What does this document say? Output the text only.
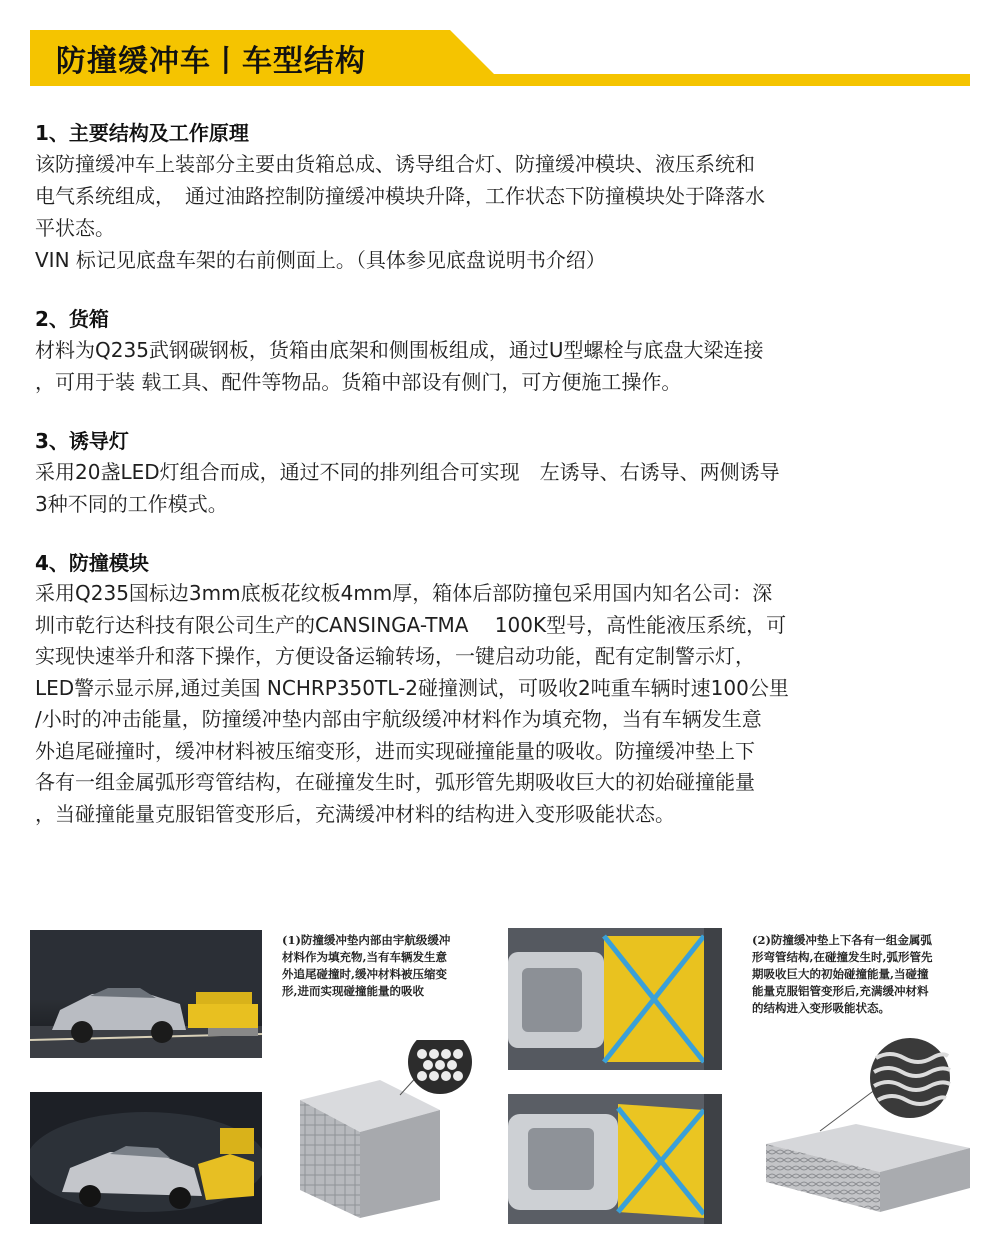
防撞缓冲车丨车型结构
1、主要结构及工作原理

该防撞缓冲车上装部分主要由货箱总成、诱导组合灯、防撞缓冲模块、液压系统和

电气系统组成，　通过油路控制防撞缓冲模块升降，工作状态下防撞模块处于降落水

平状态。

VIN 标记见底盘车架的右前侧面上。（具体参见底盘说明书介绍）

2、货箱

材料为Q235武钢碳钢板，货箱由底架和侧围板组成，通过U型螺栓与底盘大梁连接

，可用于装 载工具、配件等物品。货箱中部设有侧门，可方便施工操作。

3、诱导灯

采用20盏LED灯组合而成，通过不同的排列组合可实现　左诱导、右诱导、两侧诱导

3种不同的工作模式。

4、防撞模块

采用Q235国标边3mm底板花纹板4mm厚，箱体后部防撞包采用国内知名公司：深

圳市乾行达科技有限公司生产的CANSINGA-TMA　 100K型号，高性能液压系统，可

实现快速举升和落下操作，方便设备运输转场，一键启动功能，配有定制警示灯，

LED警示显示屏,通过美国 NCHRP350TL-2碰撞测试，可吸收2吨重车辆时速100公里

/小时的冲击能量，防撞缓冲垫内部由宇航级缓冲材料作为填充物，当有车辆发生意

外追尾碰撞时，缓冲材料被压缩变形，进而实现碰撞能量的吸收。防撞缓冲垫上下

各有一组金属弧形弯管结构，在碰撞发生时，弧形管先期吸收巨大的初始碰撞能量

，当碰撞能量克服铝管变形后，充满缓冲材料的结构进入变形吸能状态。

(1)防撞缓冲垫内部由宇航级缓冲
材料作为填充物,当有车辆发生意
外追尾碰撞时,缓冲材料被压缩变
形,进而实现碰撞能量的吸收
(2)防撞缓冲垫上下各有一组金属弧
形弯管结构,在碰撞发生时,弧形管先
期吸收巨大的初始碰撞能量,当碰撞
能量克服铝管变形后,充满缓冲材料
的结构进入变形吸能状态。
